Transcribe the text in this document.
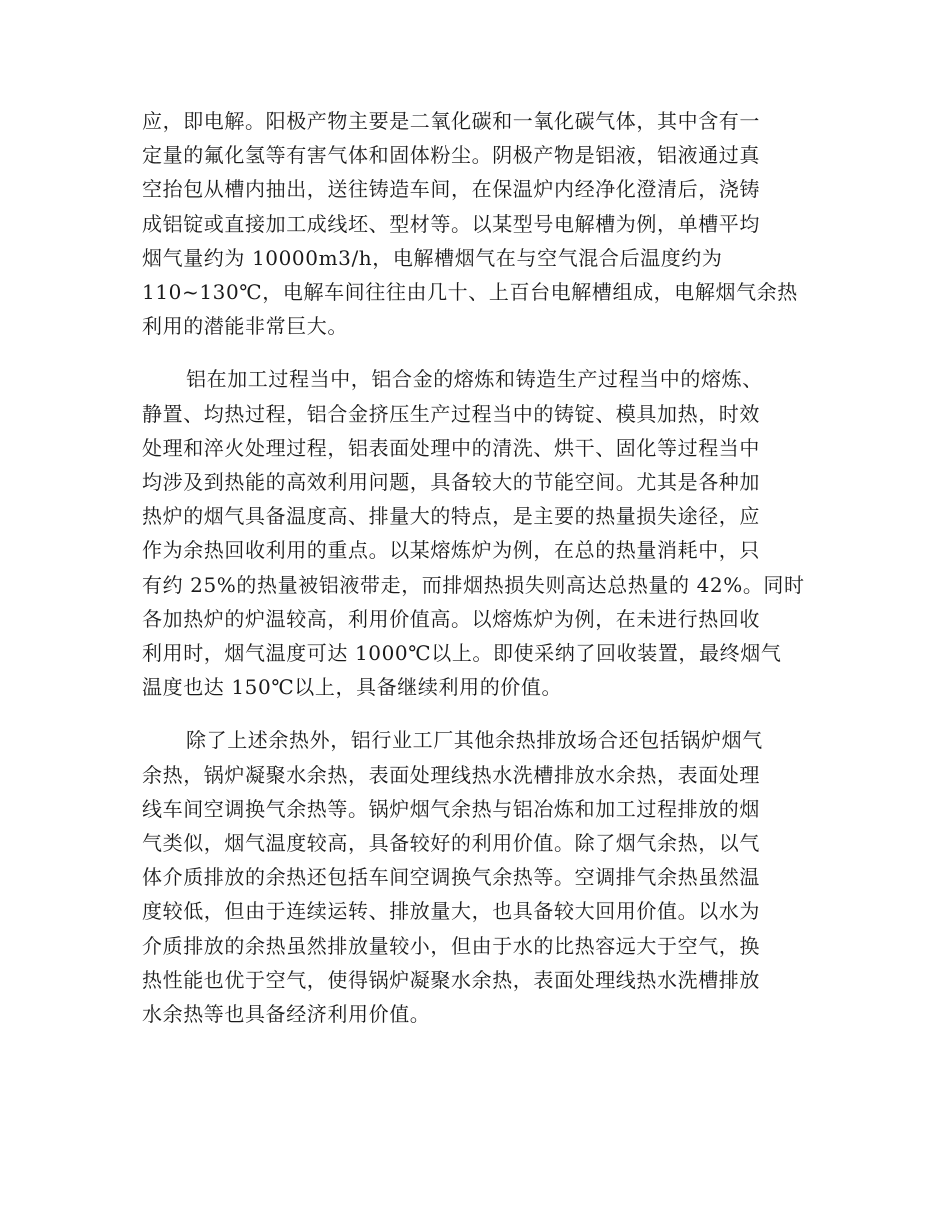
应，即电解。阳极产物主要是二氧化碳和一氧化碳气体，其中含有一
定量的氟化氢等有害气体和固体粉尘。阴极产物是铝液，铝液通过真
空抬包从槽内抽出，送往铸造车间，在保温炉内经净化澄清后，浇铸
成铝锭或直接加工成线坯、型材等。以某型号电解槽为例，单槽平均
烟气量约为 10000m3/h，电解槽烟气在与空气混合后温度约为
110~130℃，电解车间往往由几十、上百台电解槽组成，电解烟气余热
利用的潜能非常巨大。
铝在加工过程当中，铝合金的熔炼和铸造生产过程当中的熔炼、
静置、均热过程，铝合金挤压生产过程当中的铸锭、模具加热，时效
处理和淬火处理过程，铝表面处理中的清洗、烘干、固化等过程当中
均涉及到热能的高效利用问题，具备较大的节能空间。尤其是各种加
热炉的烟气具备温度高、排量大的特点，是主要的热量损失途径，应
作为余热回收利用的重点。以某熔炼炉为例，在总的热量消耗中，只
有约 25%的热量被铝液带走，而排烟热损失则高达总热量的 42%。同时
各加热炉的炉温较高，利用价值高。以熔炼炉为例，在未进行热回收
利用时，烟气温度可达 1000℃以上。即使采纳了回收装置，最终烟气
温度也达 150℃以上，具备继续利用的价值。
除了上述余热外，铝行业工厂其他余热排放场合还包括锅炉烟气
余热，锅炉凝聚水余热，表面处理线热水洗槽排放水余热，表面处理
线车间空调换气余热等。锅炉烟气余热与铝冶炼和加工过程排放的烟
气类似，烟气温度较高，具备较好的利用价值。除了烟气余热，以气
体介质排放的余热还包括车间空调换气余热等。空调排气余热虽然温
度较低，但由于连续运转、排放量大，也具备较大回用价值。以水为
介质排放的余热虽然排放量较小，但由于水的比热容远大于空气，换
热性能也优于空气，使得锅炉凝聚水余热，表面处理线热水洗槽排放
水余热等也具备经济利用价值。
